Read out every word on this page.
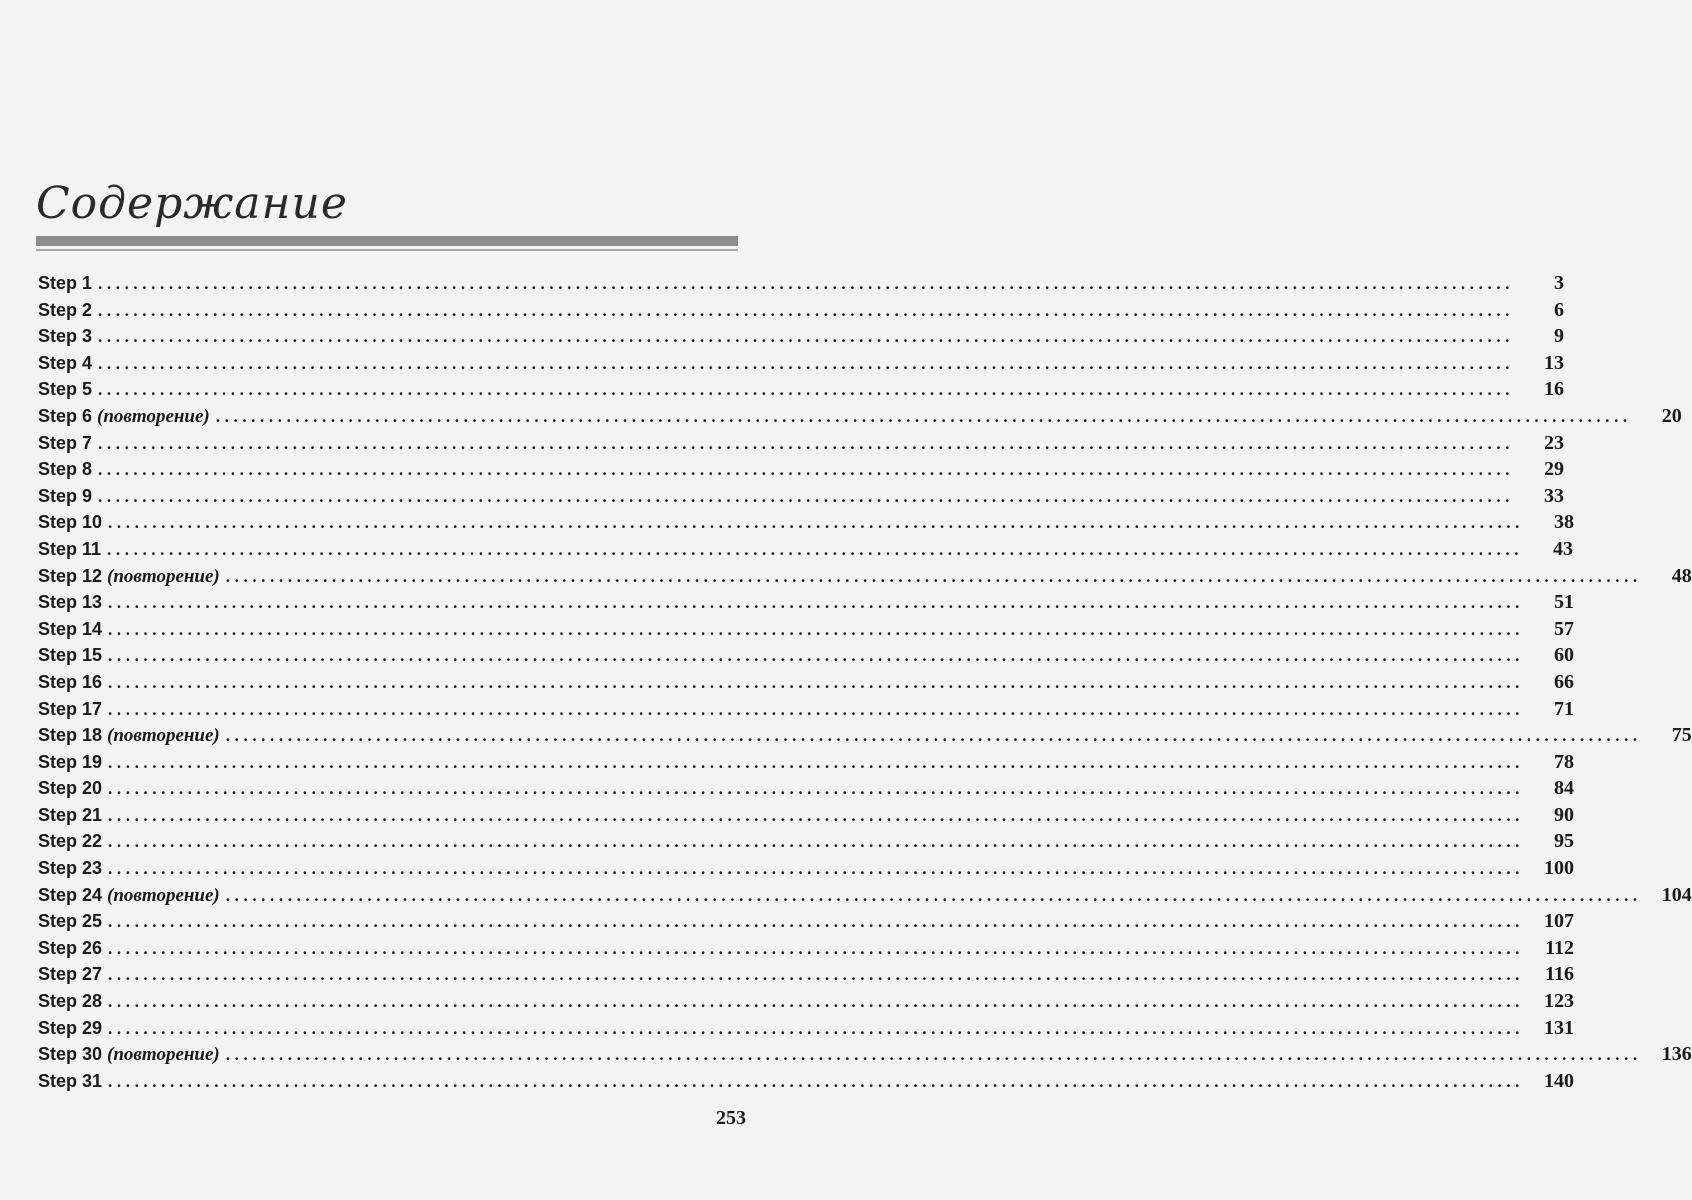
Содержание
Step 1 ................................................................................................................................................................	3
Step 2 ................................................................................................................................................................	6
Step 3 ................................................................................................................................................................	9
Step 4 ................................................................................................................................................................	13
Step 5 ................................................................................................................................................................	16
Step 6 (повторение) ................................................................................................................................................................	20
Step 7 ................................................................................................................................................................	23
Step 8 ................................................................................................................................................................	29
Step 9 ................................................................................................................................................................	33
Step 10 ................................................................................................................................................................	38
Step 11 ................................................................................................................................................................	43
Step 12 (повторение) ................................................................................................................................................................	48
Step 13 ................................................................................................................................................................	51
Step 14 ................................................................................................................................................................	57
Step 15 ................................................................................................................................................................	60
Step 16 ................................................................................................................................................................	66
Step 17 ................................................................................................................................................................	71
Step 18 (повторение) ................................................................................................................................................................	75
Step 19 ................................................................................................................................................................	78
Step 20 ................................................................................................................................................................	84
Step 21 ................................................................................................................................................................	90
Step 22 ................................................................................................................................................................	95
Step 23 ................................................................................................................................................................	100
Step 24 (повторение) ................................................................................................................................................................	104
Step 25 ................................................................................................................................................................	107
Step 26 ................................................................................................................................................................	112
Step 27 ................................................................................................................................................................	116
Step 28 ................................................................................................................................................................	123
Step 29 ................................................................................................................................................................	131
Step 30 (повторение) ................................................................................................................................................................	136
Step 31 ................................................................................................................................................................	140
253
